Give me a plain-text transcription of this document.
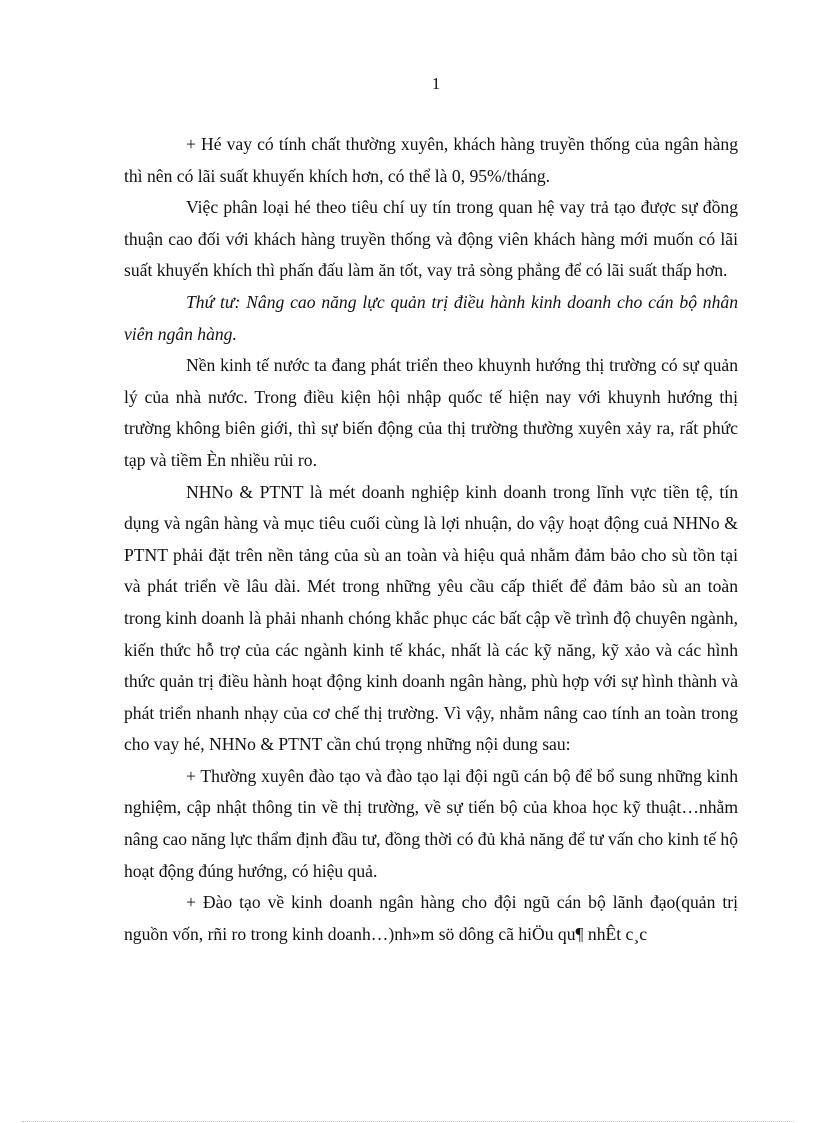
1

+ Hé vay có tính chất thường xuyên, khách hàng truyền thống của ngân hàng thì nên có lãi suất khuyến khích hơn, có thể là 0, 95%/tháng.

Việc phân loại hé theo tiêu chí uy tín trong quan hệ vay trả tạo được sự đồng thuận cao đối với khách hàng truyền thống và động viên khách hàng mới muốn có lãi suất khuyến khích thì phấn đấu làm ăn tốt, vay trả sòng phẳng để có lãi suất thấp hơn.

Thứ tư: Nâng cao năng lực quản trị điều hành kinh doanh cho cán bộ nhân viên ngân hàng.

Nền kinh tế nước ta đang phát triển theo khuynh hướng thị trường có sự quản lý của nhà nước. Trong điều kiện hội nhập quốc tế hiện nay với khuynh hướng thị trường không biên giới, thì sự biến động của thị trường thường xuyên xảy ra, rất phức tạp và tiềm Èn nhiều rủi ro.

NHNo & PTNT là mét doanh nghiệp kinh doanh trong lĩnh vực tiền tệ, tín dụng và ngân hàng và mục tiêu cuối cùng là lợi nhuận, do vậy hoạt động cuả NHNo & PTNT phải đặt trên nền tảng của sù an toàn và hiệu quả nhằm đảm bảo cho sù tồn tại và phát triển về lâu dài. Mét trong những yêu cầu cấp thiết để đảm bảo sù an toàn trong kinh doanh là phải nhanh chóng khắc phục các bất cập về trình độ chuyên ngành, kiến thức hỗ trợ của các ngành kinh tế khác, nhất là các kỹ năng, kỹ xảo và các hình thức quản trị điều hành hoạt động kinh doanh ngân hàng, phù hợp với sự hình thành và phát triển nhanh nhạy của cơ chế thị trường. Vì vậy, nhằm nâng cao tính an toàn trong cho vay hé, NHNo & PTNT cần chú trọng những nội dung sau:

+ Thường xuyên đào tạo và đào tạo lại đội ngũ cán bộ để bổ sung những kinh nghiệm, cập nhật thông tin về thị trường, về sự tiến bộ của khoa học kỹ thuật…nhằm nâng cao năng lực thẩm định đầu tư, đồng thời có đủ khả năng để tư vấn cho kinh tế hộ hoạt động đúng hướng, có hiệu quả.

+ Đào tạo về kinh doanh ngân hàng cho đội ngũ cán bộ lãnh đạo(quản trị nguồn vốn, rñi ro trong kinh doanh…)nh»m sö dông cã hiÖu qu¶ nhÊt c¸c
